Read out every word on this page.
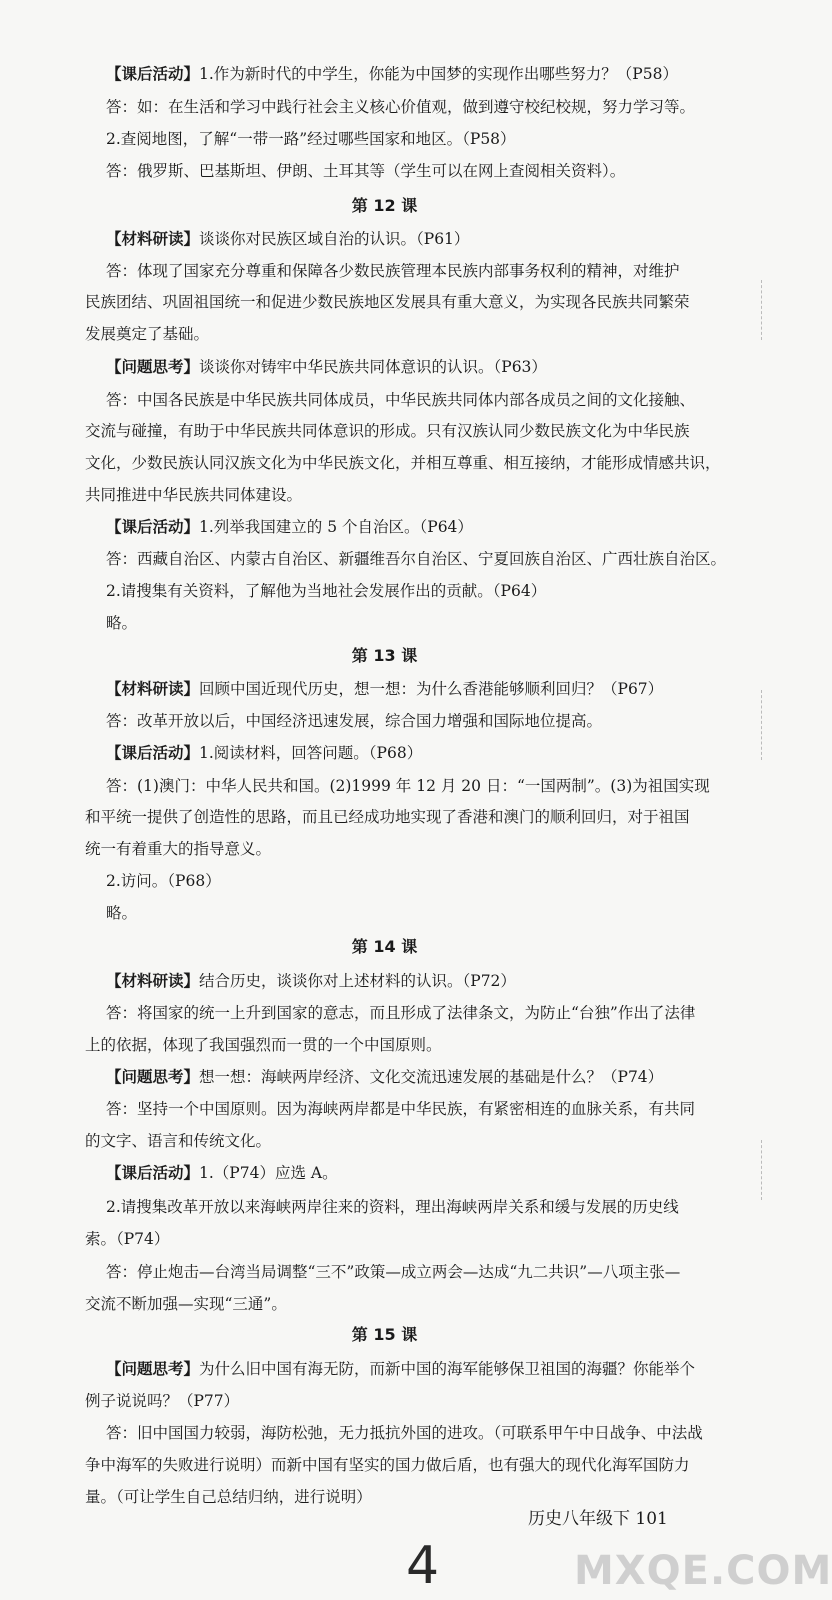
【课后活动】1.作为新时代的中学生，你能为中国梦的实现作出哪些努力？（P58）
答：如：在生活和学习中践行社会主义核心价值观，做到遵守校纪校规，努力学习等。
2.查阅地图，了解“一带一路”经过哪些国家和地区。（P58）
答：俄罗斯、巴基斯坦、伊朗、土耳其等（学生可以在网上查阅相关资料）。
第 12 课
【材料研读】谈谈你对民族区域自治的认识。（P61）
答：体现了国家充分尊重和保障各少数民族管理本民族内部事务权利的精神，对维护
民族团结、巩固祖国统一和促进少数民族地区发展具有重大意义，为实现各民族共同繁荣
发展奠定了基础。
【问题思考】谈谈你对铸牢中华民族共同体意识的认识。（P63）
答：中国各民族是中华民族共同体成员，中华民族共同体内部各成员之间的文化接触、
交流与碰撞，有助于中华民族共同体意识的形成。只有汉族认同少数民族文化为中华民族
文化，少数民族认同汉族文化为中华民族文化，并相互尊重、相互接纳，才能形成情感共识，
共同推进中华民族共同体建设。
【课后活动】1.列举我国建立的 5 个自治区。（P64）
答：西藏自治区、内蒙古自治区、新疆维吾尔自治区、宁夏回族自治区、广西壮族自治区。
2.请搜集有关资料，了解他为当地社会发展作出的贡献。（P64）
略。
第 13 课
【材料研读】回顾中国近现代历史，想一想：为什么香港能够顺利回归？（P67）
答：改革开放以后，中国经济迅速发展，综合国力增强和国际地位提高。
【课后活动】1.阅读材料，回答问题。（P68）
答：(1)澳门：中华人民共和国。(2)1999 年 12 月 20 日：“一国两制”。(3)为祖国实现
和平统一提供了创造性的思路，而且已经成功地实现了香港和澳门的顺利回归，对于祖国
统一有着重大的指导意义。
2.访问。（P68）
略。
第 14 课
【材料研读】结合历史，谈谈你对上述材料的认识。（P72）
答：将国家的统一上升到国家的意志，而且形成了法律条文，为防止“台独”作出了法律
上的依据，体现了我国强烈而一贯的一个中国原则。
【问题思考】想一想：海峡两岸经济、文化交流迅速发展的基础是什么？（P74）
答：坚持一个中国原则。因为海峡两岸都是中华民族，有紧密相连的血脉关系，有共同
的文字、语言和传统文化。
【课后活动】1.（P74）应选 A。
2.请搜集改革开放以来海峡两岸往来的资料，理出海峡两岸关系和缓与发展的历史线
索。（P74）
答：停止炮击—台湾当局调整“三不”政策—成立两会—达成“九二共识”—八项主张—
交流不断加强—实现“三通”。
第 15 课
【问题思考】为什么旧中国有海无防，而新中国的海军能够保卫祖国的海疆？你能举个
例子说说吗？（P77）
答：旧中国国力较弱，海防松弛，无力抵抗外国的进攻。（可联系甲午中日战争、中法战
争中海军的失败进行说明）而新中国有坚实的国力做后盾，也有强大的现代化海军国防力
量。（可让学生自己总结归纳，进行说明）
历史八年级下 101
4	MXQE.COM
